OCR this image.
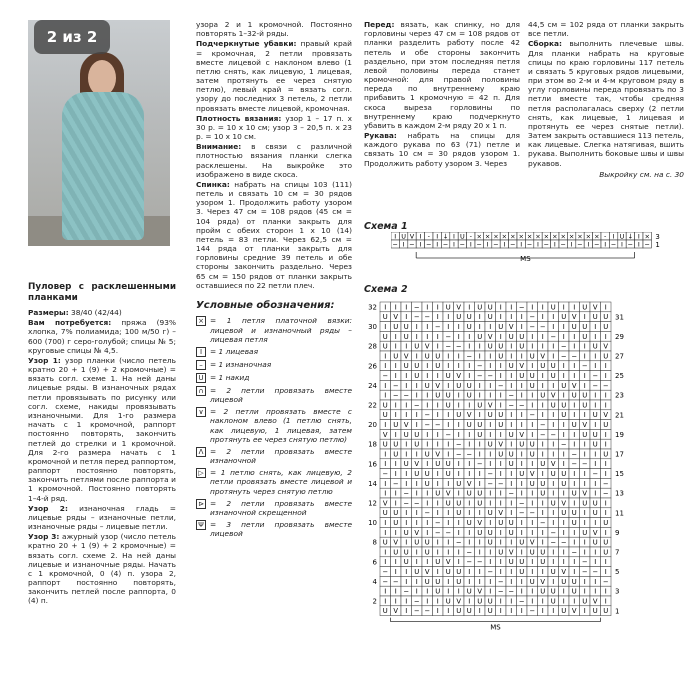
2 из 2
Пуловер с расклешенными планками

Размеры: 38/40 (42/44)

Вам потребуется: пряжа (93% хлопка, 7% полиамида; 100 м/50 г) – 600 (700) г серо-голубой; спицы № 5; круговые спицы № 4,5.

Узор 1: узор планки (число петель кратно 20 + 1 (9) + 2 кромочные) = вязать согл. схеме 1. На ней даны лицевые ряды. В изнаночных рядах петли провязывать по рисунку или согл. схеме, накиды провязывать изнаночными. Для 1-го размера начать с 1 кромочной, раппорт постоянно повторять, закончить петлей до стрелки и 1 кромочной. Для 2-го размера начать с 1 кромочной и петля перед раппортом, раппорт постоянно повторять, закончить петлями после раппорта и 1 кромочной. Постоянно повторять 1–4-й ряд.

Узор 2: изнаночная гладь = лицевые ряды – изнаночные петли, изнаночные ряды – лицевые петли.

Узор 3: ажурный узор (число петель кратно 20 + 1 (9) + 2 кромочные) = вязать согл. схеме 2. На ней даны лицевые и изнаночные ряды. Начать с 1 кромочной, 0 (4) п. узора 2, раппорт постоянно повторять, закончить петлей после раппорта, 0 (4) п.

узора 2 и 1 кромочной. Постоянно повторять 1–32-й ряды.

Подчеркнутые убавки: правый край = кромочная, 2 петли провязать вместе лицевой с наклоном влево (1 петлю снять, как лицевую, 1 лицевая, затем протянуть ее через снятую петлю), левый край = вязать согл. узору до последних 3 петель, 2 петли провязать вместе лицевой, кромочная.

Плотность вязания: узор 1 – 17 п. х 30 р. = 10 х 10 см; узор 3 – 20,5 п. х 23 р. = 10 х 10 см.

Внимание: в связи с различной плотностью вязания планки слегка расклешены. На выкройке это изображено в виде скоса.

Спинка: набрать на спицы 103 (111) петель и связать 10 см = 30 рядов узором 1. Продолжить работу узором 3. Через 47 см = 108 рядов (45 см = 104 ряда) от планки закрыть для пройм с обеих сторон 1 х 10 (14) петель = 83 петли. Через 62,5 см = 144 ряда от планки закрыть для горловины средние 39 петель и обе стороны закончить раздельно. Через 65 см = 150 рядов от планки закрыть оставшиеся по 22 петли плеч.

Условные обозначения:
× = 1 петля платочной вязки: лицевой и изнаночный ряды – лицевая петля
I	= 1 лицевая
– = 1 изнаночная
U = 1 накид
∩ = 2 петли провязать вместе лицевой
∨ = 2 петли провязать вместе с наклоном влево (1 петлю снять, как лицевую, 1 лицевая, затем протянуть ее через снятую петлю)
Λ = 2 петли провязать вместе изнаночной
▷ = 1 петлю снять, как лицевую, 2 петли провязать вместе лицевой и протянуть через снятую петлю
⊳ = 2 петли провязать вместе изнаночной скрещенной
Ψ = 3 петли провязать вместе лицевой

Перед: вязать, как спинку, но для горловины через 47 см = 108 рядов от планки разделить работу после 42 петель и обе стороны закончить раздельно, при этом последняя петля левой половины переда станет кромочной: для правой половины переда по внутреннему краю прибавить 1 кромочную = 42 п. Для скоса выреза горловины по внутреннему краю подчеркнуто убавить в каждом 2-м ряду 20 х 1 п.

Рукава: набрать на спицы для каждого рукава по 63 (71) петле и связать 10 см = 30 рядов узором 1. Продолжить работу узором 3. Через

44,5 см = 102 ряда от планки закрыть все петли.

Сборка: выполнить плечевые швы. Для планки набрать на круговые спицы по краю горловины 117 петель и связать 5 круговых рядов лицевыми, при этом во 2-м и 4-м круговом ряду в углу горловины переда провязать по 3 петли вместе так, чтобы средняя петля располагалась сверху (2 петли снять, как лицевые, 1 лицевая и протянуть ее через снятые петли). Затем закрыть оставшиеся 113 петель, как лицевые. Слегка натягивая, вшить рукава. Выполнить боковые швы и швы рукавов.

Выкройку см. на с. 30
Схема 1
I U V I - I ↓ I U - × × × × × × × × × × × × × × × - I U ↓ I ×
− I − I − I − I − I − I − I − I − I − I − I − I − I − I − I −
3
1
MS
Схема 2
I I I − I I U V I U U I I − I I U I I U V I
U V I − − I I U U I U I I I − I I U V I U U
I U U I I − I I U I I U V I − − I I U U I U
U I U I I I − I I U V I U U I I − I I U I I
U I I U V I − − I I U U I U I I I − I I U V
I U V I U U I I − I I U I I U V I − − I I U
I I U U I U I I I − I I U V I U U I I − I I
− I I U I I U V I − − I I U U I U I I I − I
I − I I U V I U U I I − I I U I I U V I − −
I − − I I U U I U I I I − I I U V I U U I I
U I I − I I U I I U V I − − I I U U I U I I
U I I I − I I U V I U U I I − I I U I I U V
I U V I − − I I U U I U I I I − I I U V I U
V I U U I I − I I U I I U V I − − I I U U I
U U I U I I I − I I U V I U U I I − I I U I
I U I I U V I − − I I U U I U I I I − I I U
I I U V I U U I I − I I U I I U V I − − I I
− I I U U I U I I I − I I U V I U U I I − I
I − I I U I I U V I − − I I U U I U I I I −
I I − I I U V I U U I I − I I U I I U V I −
V I − − I I U U I U I I I − I I U V I U U I
U U I I − I I U I I U V I − − I I U U I U I
I U I I I − I I U V I U U I I − I I U I I U
I I U V I − − I I U U I U I I I − I I U V I
U V I U U I I − I I U I I U V I − − I I U U
I U U I U I I I − I I U V I U U I I − I I U
I I U I I U V I − − I I U U I U I I I − I I
− I I U V I U U I I − I I U I I U V I − − I
− − I I U U I U I I I − I I U V I U U I I −
I I − I I U I I U V I − − I I U U I U I I I
I I I − I I U V I U U I I − I I U I I U V I
U V I − − I I U U I U I I I − I I U V I U U
32
30
28
26
24
22
20
18
16
14
12
10
8
6
4
2
31
29
27
25
23
21
19
17
15
13
11
9
7
5
3
1
MS
